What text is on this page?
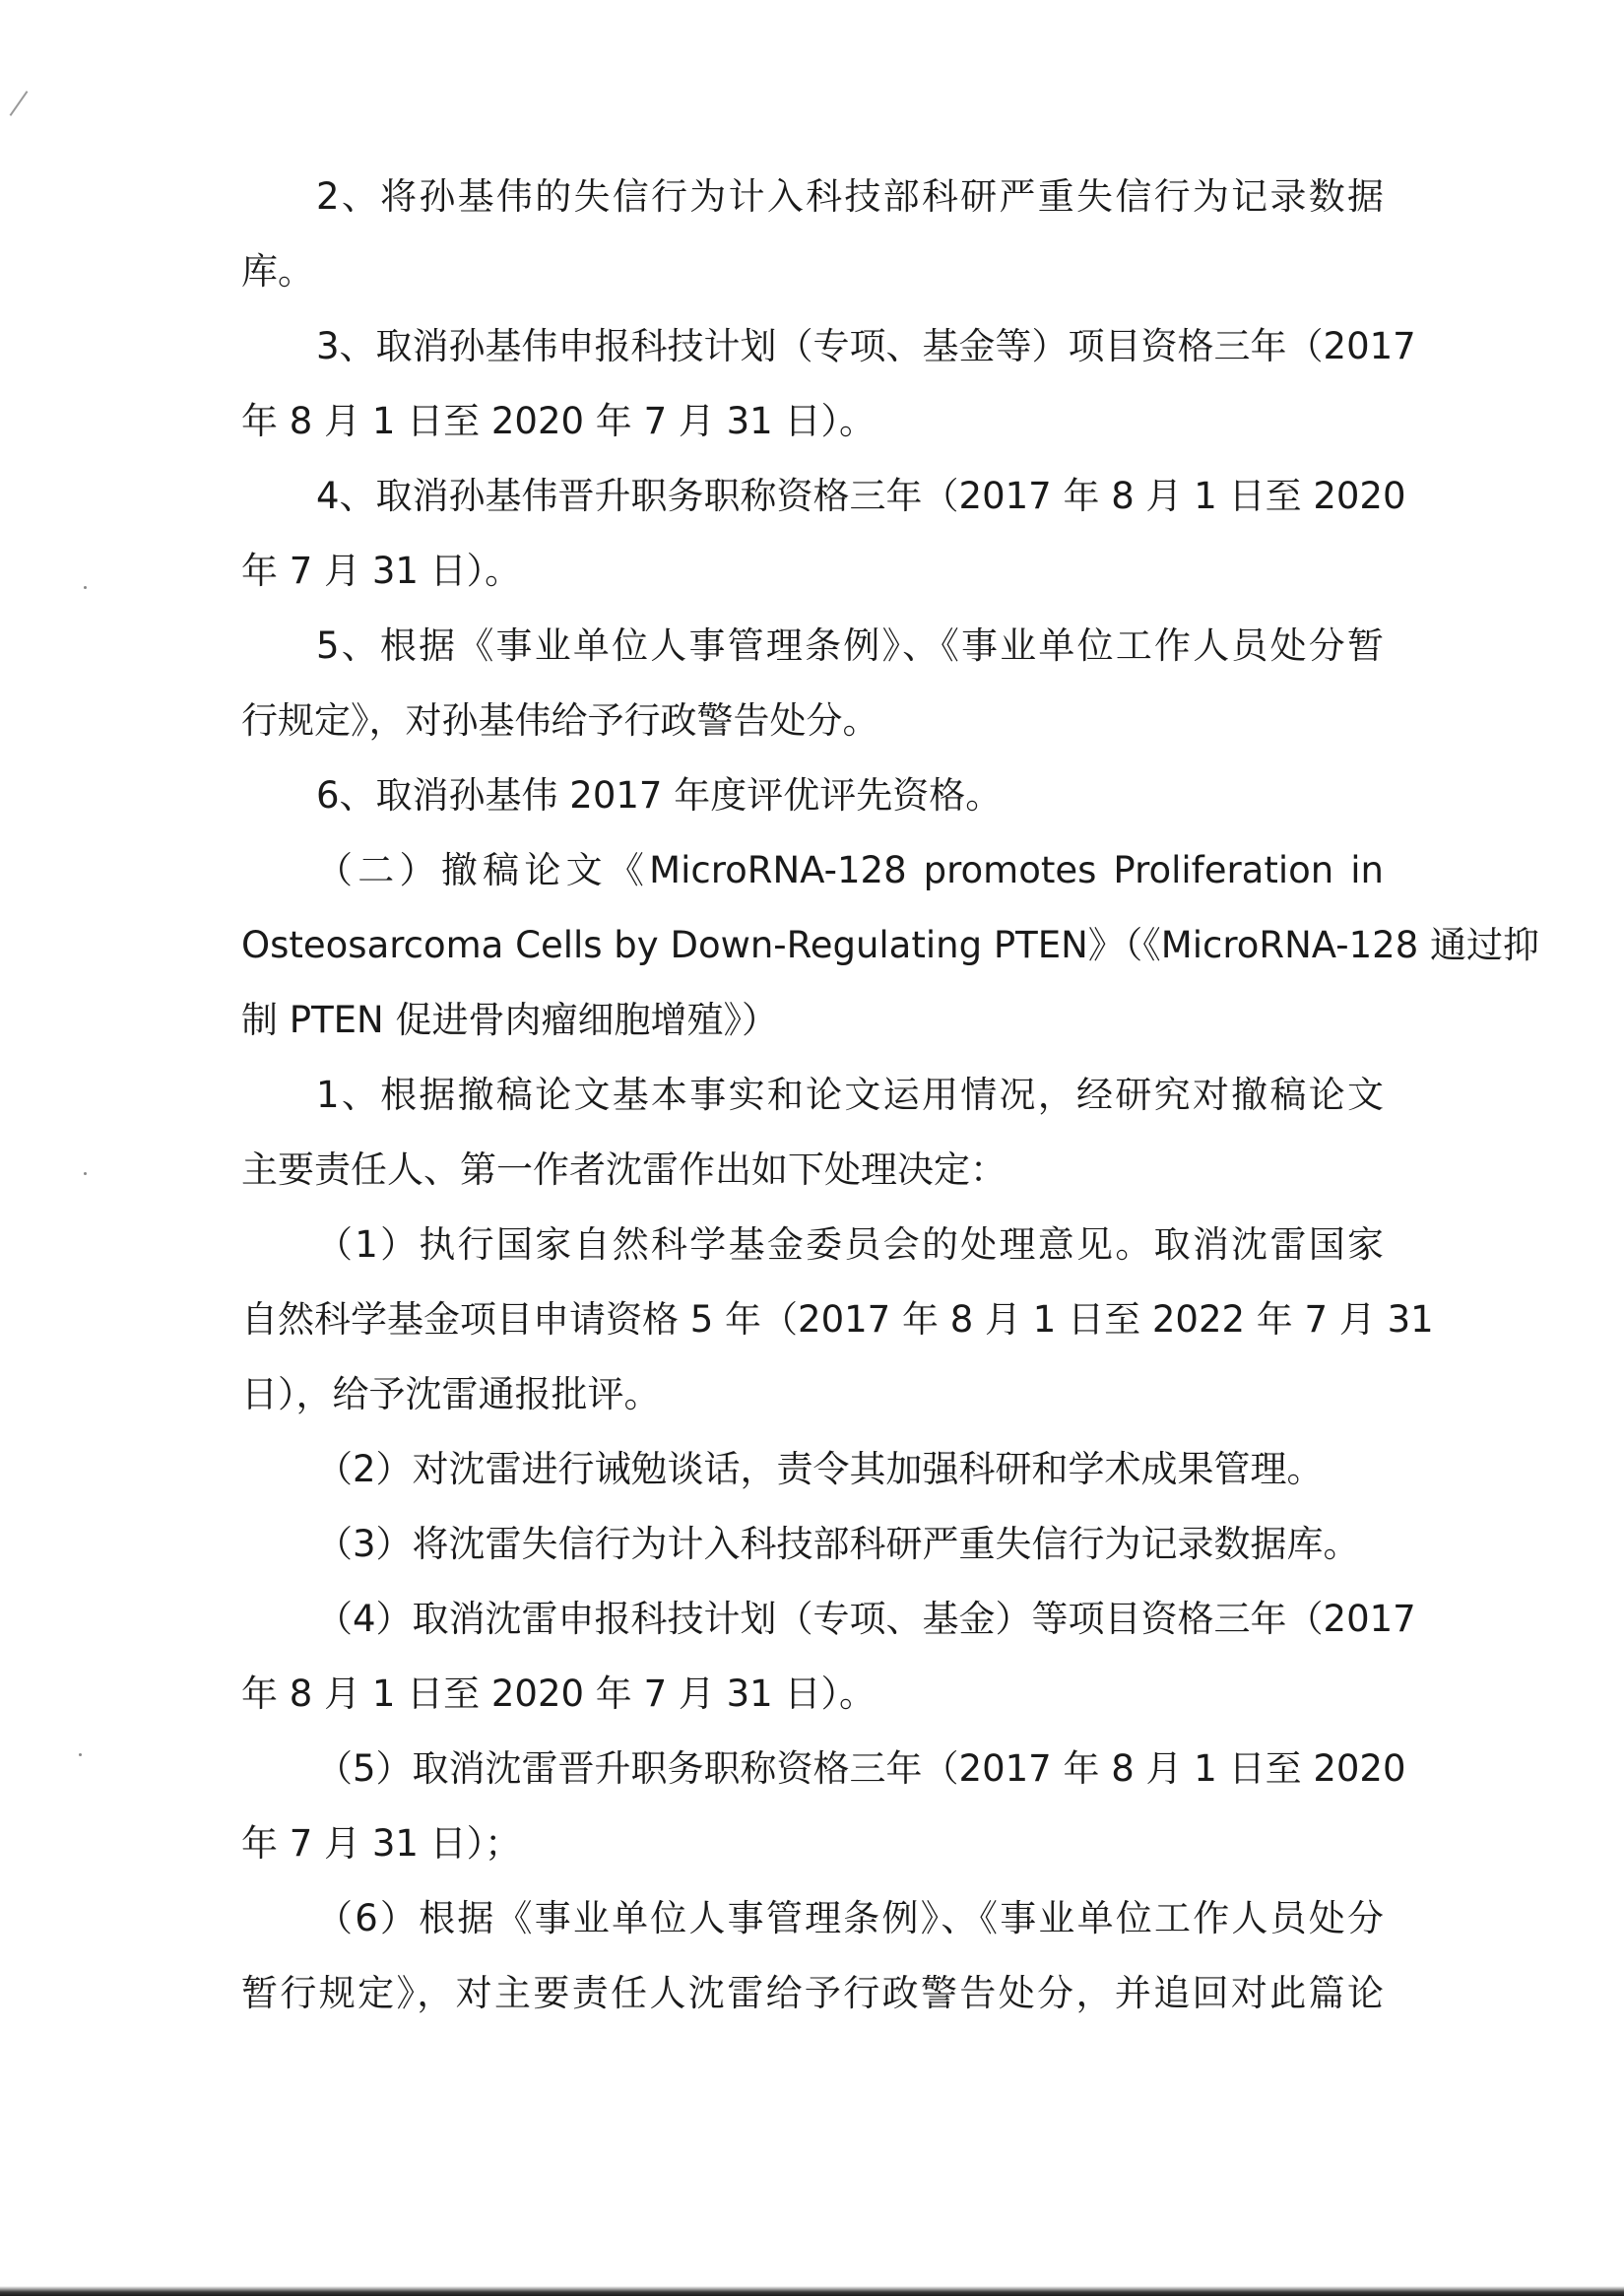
2、将孙基伟的失信行为计入科技部科研严重失信行为记录数据
库。
3、取消孙基伟申报科技计划（专项、基金等）项目资格三年（2017
年 8 月 1 日至 2020 年 7 月 31 日）。
4、取消孙基伟晋升职务职称资格三年（2017 年 8 月 1 日至 2020
年 7 月 31 日）。
5、根据《事业单位人事管理条例》、《事业单位工作人员处分暂
行规定》，对孙基伟给予行政警告处分。
6、取消孙基伟 2017 年度评优评先资格。
（二）撤稿论文《MicroRNA-128 promotes Proliferation in
Osteosarcoma Cells by Down-Regulating PTEN》（《MicroRNA-128 通过抑
制 PTEN 促进骨肉瘤细胞增殖》）
1、根据撤稿论文基本事实和论文运用情况，经研究对撤稿论文
主要责任人、第一作者沈雷作出如下处理决定：
（1）执行国家自然科学基金委员会的处理意见。取消沈雷国家
自然科学基金项目申请资格 5 年（2017 年 8 月 1 日至 2022 年 7 月 31
日），给予沈雷通报批评。
（2）对沈雷进行诫勉谈话，责令其加强科研和学术成果管理。
（3）将沈雷失信行为计入科技部科研严重失信行为记录数据库。
（4）取消沈雷申报科技计划（专项、基金）等项目资格三年（2017
年 8 月 1 日至 2020 年 7 月 31 日）。
（5）取消沈雷晋升职务职称资格三年（2017 年 8 月 1 日至 2020
年 7 月 31 日）；
（6）根据《事业单位人事管理条例》、《事业单位工作人员处分
暂行规定》，对主要责任人沈雷给予行政警告处分，并追回对此篇论
